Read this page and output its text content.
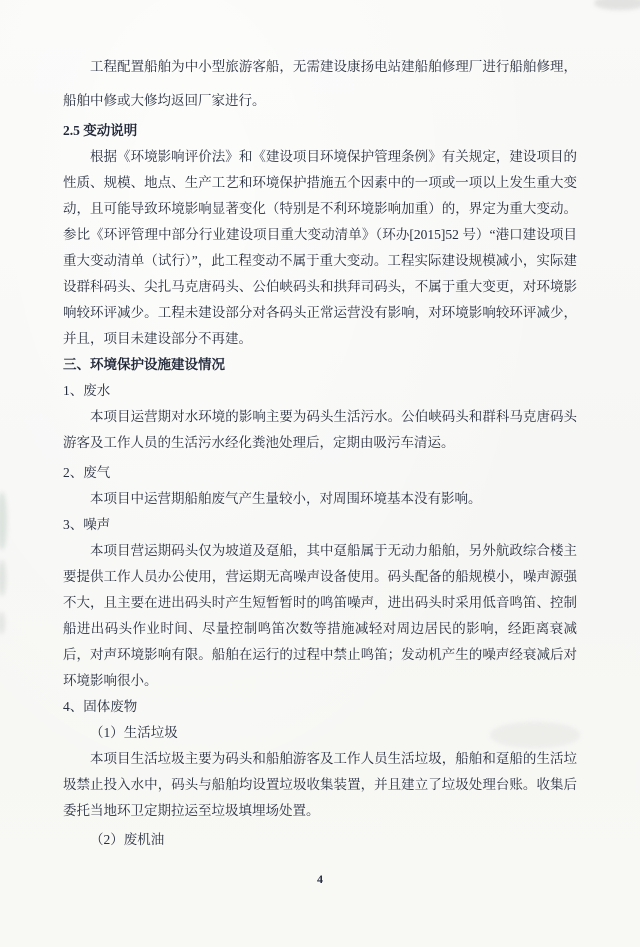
工程配置船舶为中小型旅游客船，无需建设康扬电站建船舶修理厂进行船舶修理，船舶中修或大修均返回厂家进行。

2.5 变动说明

根据《环境影响评价法》和《建设项目环境保护管理条例》有关规定，建设项目的性质、规模、地点、生产工艺和环境保护措施五个因素中的一项或一项以上发生重大变动，且可能导致环境影响显著变化（特别是不利环境影响加重）的，界定为重大变动。参比《环评管理中部分行业建设项目重大变动清单》（环办[2015]52 号）“港口建设项目重大变动清单（试行）”，此工程变动不属于重大变动。工程实际建设规模减小，实际建设群科码头、尖扎马克唐码头、公伯峡码头和拱拜司码头，不属于重大变更，对环境影响较环评减少。工程未建设部分对各码头正常运营没有影响，对环境影响较环评减少，并且，项目未建设部分不再建。

三、环境保护设施建设情况
1、废水

本项目运营期对水环境的影响主要为码头生活污水。公伯峡码头和群科马克唐码头游客及工作人员的生活污水经化粪池处理后，定期由吸污车清运。

2、废气

本项目中运营期船舶废气产生量较小，对周围环境基本没有影响。

3、噪声

本项目营运期码头仅为坡道及趸船，其中趸船属于无动力船舶，另外航政综合楼主要提供工作人员办公使用，营运期无高噪声设备使用。码头配备的船规模小，噪声源强不大，且主要在进出码头时产生短暂暂时的鸣笛噪声，进出码头时采用低音鸣笛、控制船进出码头作业时间、尽量控制鸣笛次数等措施减轻对周边居民的影响，经距离衰减后，对声环境影响有限。船舶在运行的过程中禁止鸣笛；发动机产生的噪声经衰减后对环境影响很小。

4、固体废物
（1）生活垃圾

本项目生活垃圾主要为码头和船舶游客及工作人员生活垃圾，船舶和趸船的生活垃圾禁止投入水中，码头与船舶均设置垃圾收集装置，并且建立了垃圾处理台账。收集后委托当地环卫定期拉运至垃圾填埋场处置。

（2）废机油
4
